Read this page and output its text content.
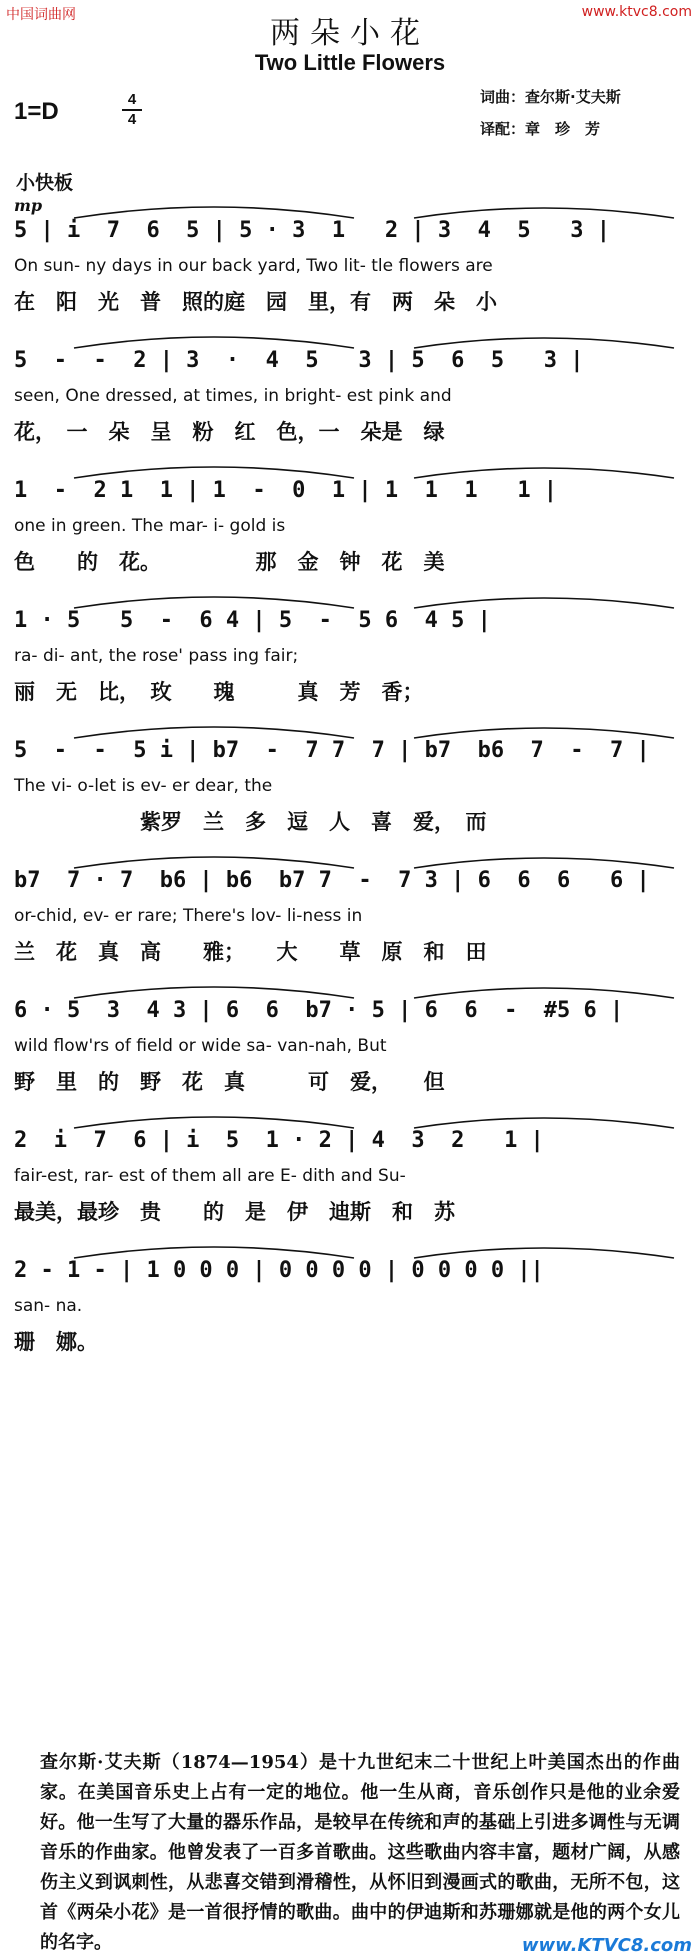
中国词曲网	www.ktvc8.com
两朵小花
Two Little Flowers
1=D	4
4
词曲：查尔斯·艾夫斯
译配：章　珍　芳
小快板
mp
5 | i  7  6  5 | 5 · 3  1   2 | 3  4  5   3 |
On sun- ny days in our back yard, Two lit- tle flowers are
在　阳　光　普　照的庭　园　里，有　两　朵　小
5  -  -  2 | 3  ·  4  5   3 | 5  6  5   3 |
seen, One dressed, at times, in bright- est pink and
花，　一　朵　呈　粉　红　色，一　朵是　绿
1  -  2 1  1 | 1  -  0  1 | 1  1  1   1 |
one in green. The mar- i- gold is
色　　的　花。　　　　　那　金　钟　花　美
1 · 5   5  -  6 4 | 5  -  5 6  4 5 |
ra- di- ant, the rose' pass ing fair;
丽　无　比，　玫　　瑰　　　真　芳　香；
5  -  -  5 i | b7  -  7 7  7 | b7  b6  7  -  7 |
The vi- o-let is ev- er dear, the
　　　　　　紫罗　兰　多　逗　人　喜　爱，　而
b7  7 · 7  b6 | b6  b7 7  -  7 3 | 6  6  6   6 |
or-chid, ev- er rare; There's lov- li-ness in
兰　花　真　高　　雅；　　大　　草　原　和　田
6 · 5  3  4 3 | 6  6  b7 · 5 | 6  6  -  #5 6 |
wild flow'rs of field or wide sa- van-nah, But
野　里　的　野　花　真　　　可　爱，　　但
2  i  7  6 | i  5  1 · 2 | 4  3  2   1 |
fair-est, rar- est of them all are E- dith and Su-
最美，最珍　贵　　的　是　伊　迪斯　和　苏
2 - 1 - | 1 0 0 0 | 0 0 0 0 | 0 0 0 0 ||
san- na.
珊　娜。
查尔斯·艾夫斯（1874—1954）是十九世纪末二十世纪上叶美国杰出的作曲家。在美国音乐史上占有一定的地位。他一生从商，音乐创作只是他的业余爱好。他一生写了大量的器乐作品，是较早在传统和声的基础上引进多调性与无调音乐的作曲家。他曾发表了一百多首歌曲。这些歌曲内容丰富，题材广阔，从感伤主义到讽刺性，从悲喜交错到滑稽性，从怀旧到漫画式的歌曲，无所不包，这首《两朵小花》是一首很抒情的歌曲。曲中的伊迪斯和苏珊娜就是他的两个女儿的名字。	www.KTVC8.com
